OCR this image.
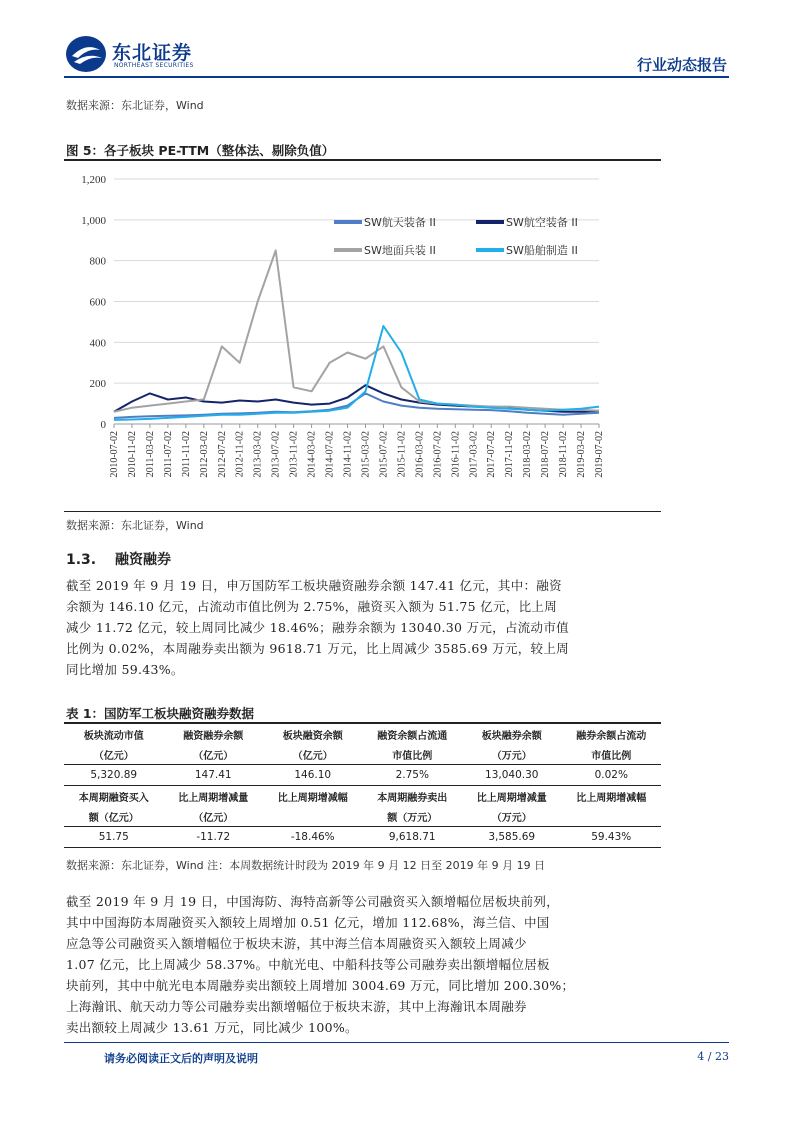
东北证券
NORTHEAST SECURITIES	行业动态报告
数据来源：东北证券，Wind
图 5：各子板块 PE-TTM（整体法、剔除负值）
0
200
400
600
800
1,000
1,200
2010-07-02 2010-11-02 2011-03-02 2011-07-02 2011-11-02 2012-03-02 2012-07-02 2012-11-02 2013-03-02 2013-07-02 2013-11-02 2014-03-02 2014-07-02 2014-11-02 2015-03-02 2015-07-02 2015-11-02 2016-03-02 2016-07-02 2016-11-02 2017-03-02 2017-07-02 2017-11-02 2018-03-02 2018-07-02 2018-11-02 2019-03-02 2019-07-02
SW航天装备 II	SW航空装备 II
SW地面兵装 II	SW船舶制造 II
数据来源：东北证券，Wind
1.3. 融资融券
截至 2019 年 9 月 19 日，申万国防军工板块融资融券余额 147.41 亿元，其中：融资
余额为 146.10 亿元，占流动市值比例为 2.75%，融资买入额为 51.75 亿元，比上周
减少 11.72 亿元，较上周同比减少 18.46%；融券余额为 13040.30 万元，占流动市值
比例为 0.02%，本周融券卖出额为 9618.71 万元，比上周减少 3585.69 万元，较上周
同比增加 59.43%。
表 1：国防军工板块融资融券数据
板块流动市值	融资融券余额	板块融资余额	融资余额占流通	板块融券余额	融券余额占流动
（亿元）	（亿元）	（亿元）	市值比例	（万元）	市值比例
5,320.89	147.41	146.10	2.75%	13,040.30	0.02%
本周期融资买入	比上周期增减量	比上周期增减幅	本周期融券卖出	比上周期增减量	比上周期增减幅
额（亿元）	（亿元）		额（万元）	（万元）	
51.75	-11.72	-18.46%	9,618.71	3,585.69	59.43%
数据来源：东北证券，Wind 注：本周数据统计时段为 2019 年 9 月 12 日至 2019 年 9 月 19 日
截至 2019 年 9 月 19 日，中国海防、海特高新等公司融资买入额增幅位居板块前列，
其中中国海防本周融资买入额较上周增加 0.51 亿元，增加 112.68%，海兰信、中国
应急等公司融资买入额增幅位于板块末游，其中海兰信本周融资买入额较上周减少
1.07 亿元，比上周减少 58.37%。中航光电、中船科技等公司融券卖出额增幅位居板
块前列，其中中航光电本周融券卖出额较上周增加 3004.69 万元，同比增加 200.30%；
上海瀚讯、航天动力等公司融券卖出额增幅位于板块末游，其中上海瀚讯本周融券
卖出额较上周减少 13.61 万元，同比减少 100%。
请务必阅读正文后的声明及说明	4 / 23
